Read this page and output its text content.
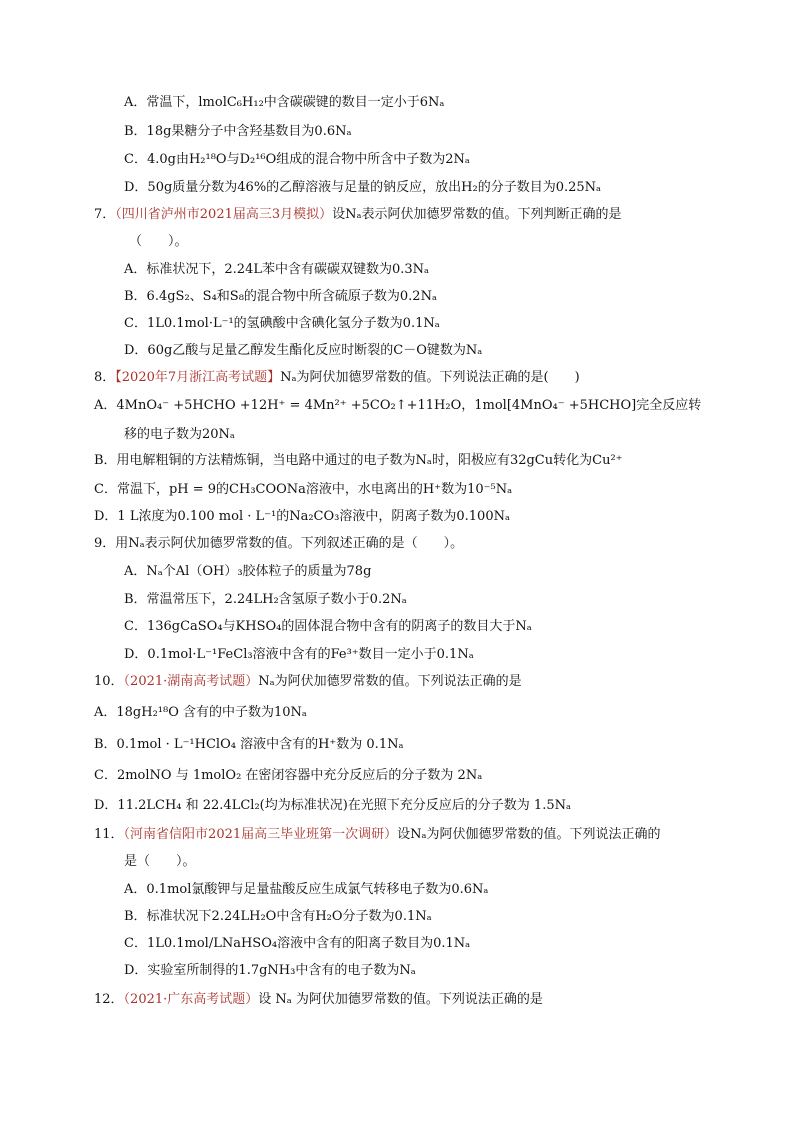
A．常温下，lmolC₆H₁₂中含碳碳键的数目一定小于6Nₐ
B．18g果糖分子中含羟基数目为0.6Nₐ
C．4.0g由H₂¹⁸O与D₂¹⁶O组成的混合物中所含中子数为2Nₐ
D．50g质量分数为46%的乙醇溶液与足量的钠反应，放出H₂的分子数目为0.25Nₐ
7．（四川省泸州市2021届高三3月模拟）设Nₐ表示阿伏加德罗常数的值。下列判断正确的是
（　　）。
A．标准状况下，2.24L苯中含有碳碳双键数为0.3Nₐ
B．6.4gS₂、S₄和S₈的混合物中所含硫原子数为0.2Nₐ
C．1L0.1mol·L⁻¹的氢碘酸中含碘化氢分子数为0.1Nₐ
D．60g乙酸与足量乙醇发生酯化反应时断裂的C－O键数为Nₐ
8．【2020年7月浙江高考试题】Nₐ为阿伏加德罗常数的值。下列说法正确的是(　　)
A．4MnO₄⁻ +5HCHO +12H⁺ = 4Mn²⁺ +5CO₂↑+11H₂O，1mol[4MnO₄⁻ +5HCHO]完全反应转
移的电子数为20Nₐ
B．用电解粗铜的方法精炼铜，当电路中通过的电子数为Nₐ时，阳极应有32gCu转化为Cu²⁺
C．常温下，pH = 9的CH₃COONa溶液中，水电离出的H⁺数为10⁻⁵Nₐ
D．1 L浓度为0.100 mol · L⁻¹的Na₂CO₃溶液中，阴离子数为0.100Nₐ
9．用Nₐ表示阿伏加德罗常数的值。下列叙述正确的是（　　）。
A．Nₐ个Al（OH）₃胶体粒子的质量为78g
B．常温常压下，2.24LH₂含氢原子数小于0.2Nₐ
C．136gCaSO₄与KHSO₄的固体混合物中含有的阴离子的数目大于Nₐ
D．0.1mol·L⁻¹FeCl₃溶液中含有的Fe³⁺数目一定小于0.1Nₐ
10．（2021·湖南高考试题）Nₐ为阿伏加德罗常数的值。下列说法正确的是
A．18gH₂¹⁸O 含有的中子数为10Nₐ
B．0.1mol · L⁻¹HClO₄ 溶液中含有的H⁺数为 0.1Nₐ
C．2molNO 与 1molO₂ 在密闭容器中充分反应后的分子数为 2Nₐ
D．11.2LCH₄ 和 22.4LCl₂(均为标准状况)在光照下充分反应后的分子数为 1.5Nₐ
11．（河南省信阳市2021届高三毕业班第一次调研）设Nₐ为阿伏伽德罗常数的值。下列说法正确的
是（　　）。
A．0.1mol氯酸钾与足量盐酸反应生成氯气转移电子数为0.6Nₐ
B．标准状况下2.24LH₂O中含有H₂O分子数为0.1Nₐ
C．1L0.1mol/LNaHSO₄溶液中含有的阳离子数目为0.1Nₐ
D．实验室所制得的1.7gNH₃中含有的电子数为Nₐ
12．（2021·广东高考试题）设 Nₐ 为阿伏加德罗常数的值。下列说法正确的是
